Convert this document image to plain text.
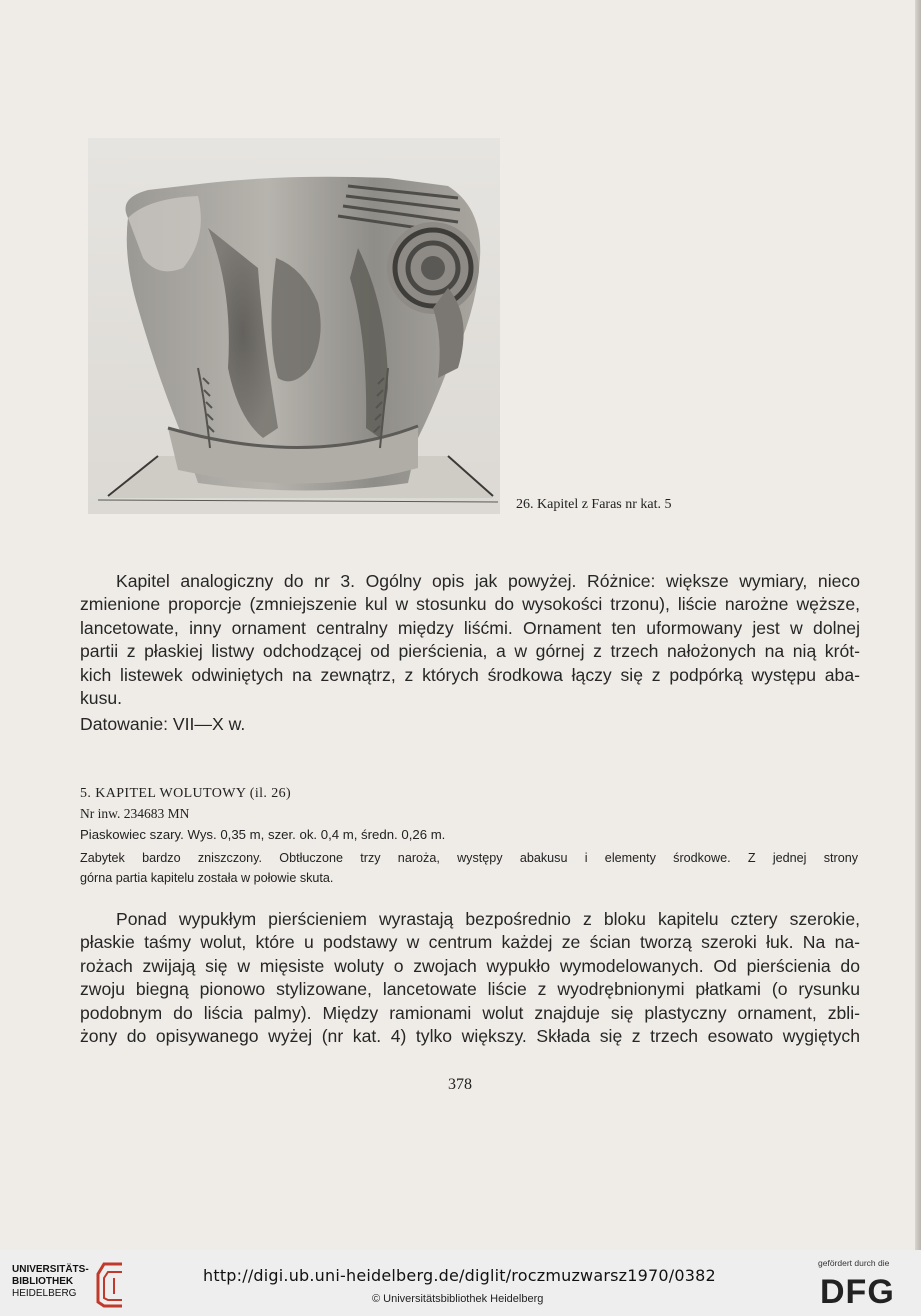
26. Kapitel z Faras nr kat. 5
Kapitel analogiczny do nr 3. Ogólny opis jak powyżej. Różnice: większe wymiary, nieco
zmienione proporcje (zmniejszenie kul w stosunku do wysokości trzonu), liście narożne węższe,
lancetowate, inny ornament centralny między liśćmi. Ornament ten uformowany jest w dolnej
partii z płaskiej listwy odchodzącej od pierścienia, a w górnej z trzech nałożonych na nią krót-
kich listewek odwiniętych na zewnątrz, z których środkowa łączy się z podpórką występu aba-
kusu.
Datowanie: VII—X w.
5. KAPITEL WOLUTOWY (il. 26)
Nr inw. 234683 MN
Piaskowiec szary. Wys. 0,35 m, szer. ok. 0,4 m, średn. 0,26 m.
Zabytek bardzo zniszczony. Obtłuczone trzy naroża, występy abakusu i elementy środkowe. Z jednej strony
górna partia kapitelu została w połowie skuta.
Ponad wypukłym pierścieniem wyrastają bezpośrednio z bloku kapitelu cztery szerokie,
płaskie taśmy wolut, które u podstawy w centrum każdej ze ścian tworzą szeroki łuk. Na na-
rożach zwijają się w mięsiste woluty o zwojach wypukło wymodelowanych. Od pierścienia do
zwoju biegną pionowo stylizowane, lancetowate liście z wyodrębnionymi płatkami (o rysunku
podobnym do liścia palmy). Między ramionami wolut znajduje się plastyczny ornament, zbli-
żony do opisywanego wyżej (nr kat. 4) tylko większy. Składa się z trzech esowato wygiętych
378
UNIVERSITÄTS-
BIBLIOTHEK
HEIDELBERG
http://digi.ub.uni-heidelberg.de/diglit/roczmuzwarsz1970/0382
© Universitätsbibliothek Heidelberg
gefördert durch die
DFG
